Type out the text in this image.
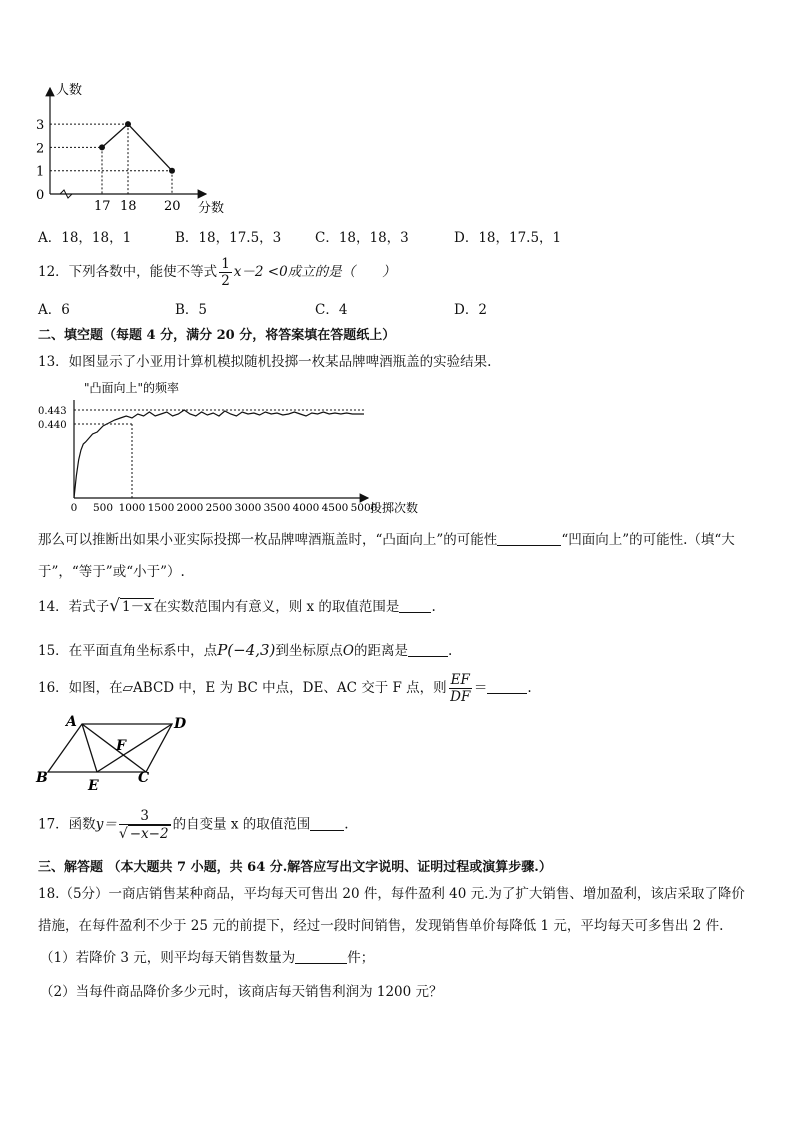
3
2
1
0
17 18 20
人数
分数
A．18，18，1	B．18，17.5，3	C．18，18，3	D．18，17.5，1
12．下列各数中，能使不等式 $\frac{1}{2} x-2 <0$成立的是（　　）
A．6	B．5	C．4	D．2
二、填空题（每题 4 分，满分 20 分，将答案填在答题纸上）
13．如图显示了小亚用计算机模拟随机投掷一枚某品牌啤酒瓶盖的实验结果.
"凸面向上"的频率
0.443
0.440
0 500 1000 1500 2000 2500 3000 3500 4000 4500 5000
投掷次数
那么可以推断出如果小亚实际投掷一枚品牌啤酒瓶盖时，“凸面向上”的可能性	“凹面向上”的可能性.（填“大
于”，“等于”或“小于”）.
14．若式子√ 1－x 在实数范围内有意义，则 x 的取值范围是 .
15．在平面直角坐标系中，点P(−4,3)到坐标原点O的距离是	.
16．如图，在▱ABCD 中，E 为 BC 中点，DE、AC 交于 F 点，则 $\frac{EF}{DF}$ ＝	.
A	D
F
B	C
E
17．函数$y= \frac{3}{√ -x-2}$ 的自变量 x 的取值范围	.
三、解答题 （本大题共 7 小题，共 64 分.解答应写出文字说明、证明过程或演算步骤.）
18.（5分）一商店销售某种商品，平均每天可售出 20 件，每件盈利 40 元.为了扩大销售、增加盈利，该店采取了降价
措施，在每件盈利不少于 25 元的前提下，经过一段时间销售，发现销售单价每降低 1 元，平均每天可多售出 2 件.
（1）若降价 3 元，则平均每天销售数量为	件；
（2）当每件商品降价多少元时，该商店每天销售利润为 1200 元？
